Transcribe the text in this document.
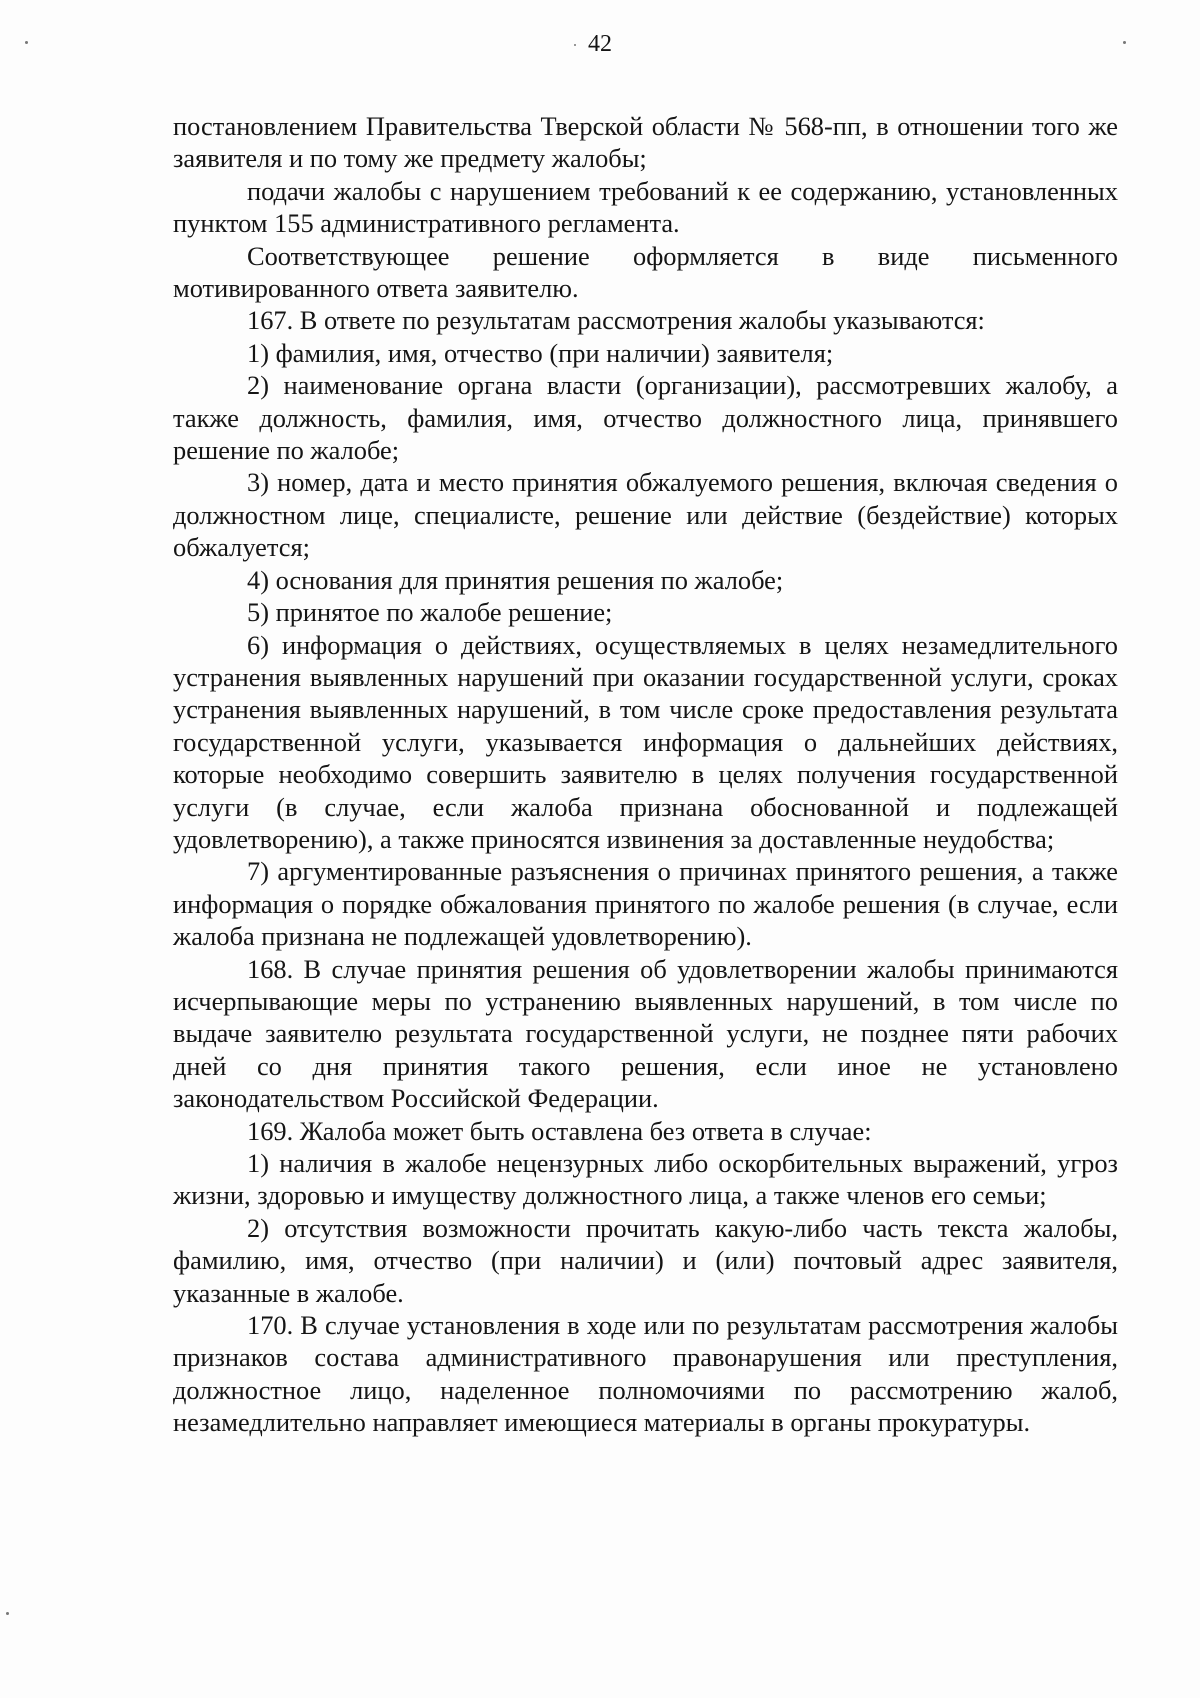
42

постановлением Правительства Тверской области № 568-пп, в отношении того же заявителя и по тому же предмету жалобы;

подачи жалобы с нарушением требований к ее содержанию, установленных пунктом 155 административного регламента.

Соответствующее решение оформляется в виде письменного мотивированного ответа заявителю.

167. В ответе по результатам рассмотрения жалобы указываются:

1) фамилия, имя, отчество (при наличии) заявителя;

2) наименование органа власти (организации), рассмотревших жалобу, а также должность, фамилия, имя, отчество должностного лица, принявшего решение по жалобе;

3) номер, дата и место принятия обжалуемого решения, включая сведения о должностном лице, специалисте, решение или действие (бездействие) которых обжалуется;

4) основания для принятия решения по жалобе;

5) принятое по жалобе решение;

6) информация о действиях, осуществляемых в целях незамедлительного устранения выявленных нарушений при оказании государственной услуги, сроках устранения выявленных нарушений, в том числе сроке предоставления результата государственной услуги, указывается информация о дальнейших действиях, которые необходимо совершить заявителю в целях получения государственной услуги (в случае, если жалоба признана обоснованной и подлежащей удовлетворению), а также приносятся извинения за доставленные неудобства;

7) аргументированные разъяснения о причинах принятого решения, а также информация о порядке обжалования принятого по жалобе решения (в случае, если жалоба признана не подлежащей удовлетворению).

168. В случае принятия решения об удовлетворении жалобы принимаются исчерпывающие меры по устранению выявленных нарушений, в том числе по выдаче заявителю результата государственной услуги, не позднее пяти рабочих дней со дня принятия такого решения, если иное не установлено законодательством Российской Федерации.

169. Жалоба может быть оставлена без ответа в случае:

1) наличия в жалобе нецензурных либо оскорбительных выражений, угроз жизни, здоровью и имуществу должностного лица, а также членов его семьи;

2) отсутствия возможности прочитать какую-либо часть текста жалобы, фамилию, имя, отчество (при наличии) и (или) почтовый адрес заявителя, указанные в жалобе.

170. В случае установления в ходе или по результатам рассмотрения жалобы признаков состава административного правонарушения или преступления, должностное лицо, наделенное полномочиями по рассмотрению жалоб, незамедлительно направляет имеющиеся материалы в органы прокуратуры.
